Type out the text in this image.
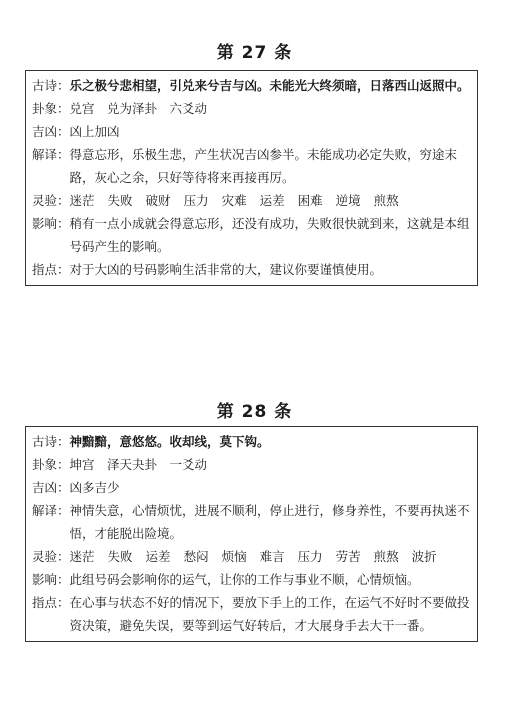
第 27 条
古诗： 乐之极兮悲相望，引兑来兮吉与凶。未能光大终须暗，日落西山返照中。
卦象： 兑宫　兑为泽卦　六爻动
吉凶： 凶上加凶
解译： 得意忘形，乐极生悲，产生状况吉凶参半。未能成功必定失败，穷途末路，灰心之余，只好等待将来再接再厉。
灵验： 迷茫 失败 破财 压力 灾难 运差 困难 逆境 煎熬
影响： 稍有一点小成就会得意忘形，还没有成功，失败很快就到来，这就是本组号码产生的影响。
指点： 对于大凶的号码影响生活非常的大，建议你要谨慎使用。
第 28 条
古诗： 神黯黯，意悠悠。收却线，莫下钩。
卦象： 坤宫　泽天夬卦　一爻动
吉凶： 凶多吉少
解译： 神情失意，心情烦忧，进展不顺利，停止进行，修身养性，不要再执迷不悟，才能脱出险境。
灵验： 迷茫 失败 运差 愁闷 烦恼 难言 压力 劳苦 煎熬 波折
影响： 此组号码会影响你的运气，让你的工作与事业不顺，心情烦恼。
指点： 在心事与状态不好的情况下，要放下手上的工作，在运气不好时不要做投资决策，避免失误，要等到运气好转后，才大展身手去大干一番。
